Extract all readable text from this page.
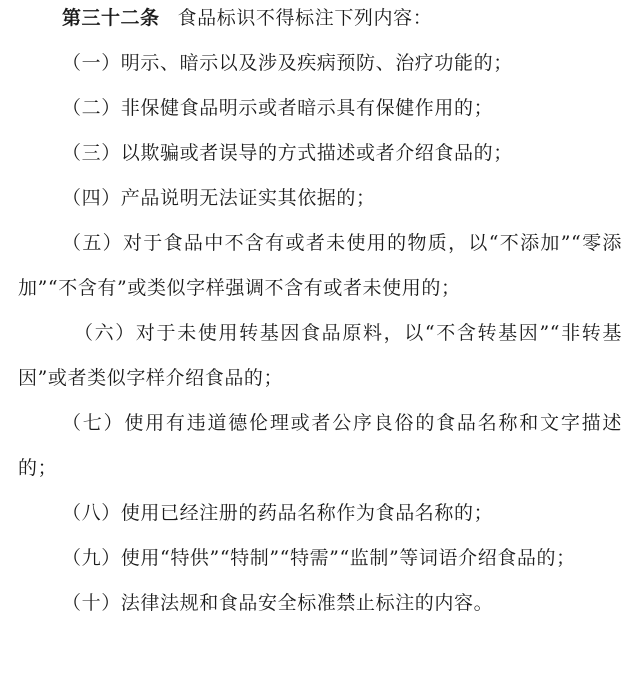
第三十二条 食品标识不得标注下列内容：

（一）明示、暗示以及涉及疾病预防、治疗功能的；

（二）非保健食品明示或者暗示具有保健作用的；

（三）以欺骗或者误导的方式描述或者介绍食品的；

（四）产品说明无法证实其依据的；

（五）对于食品中不含有或者未使用的物质，以“不添加”“零添加”“不含有”或类似字样强调不含有或者未使用的；

（六）对于未使用转基因食品原料，以“不含转基因”“非转基因”或者类似字样介绍食品的；

（七）使用有违道德伦理或者公序良俗的食品名称和文字描述的；

（八）使用已经注册的药品名称作为食品名称的；

（九）使用“特供”“特制”“特需”“监制”等词语介绍食品的；

（十）法律法规和食品安全标准禁止标注的内容。
